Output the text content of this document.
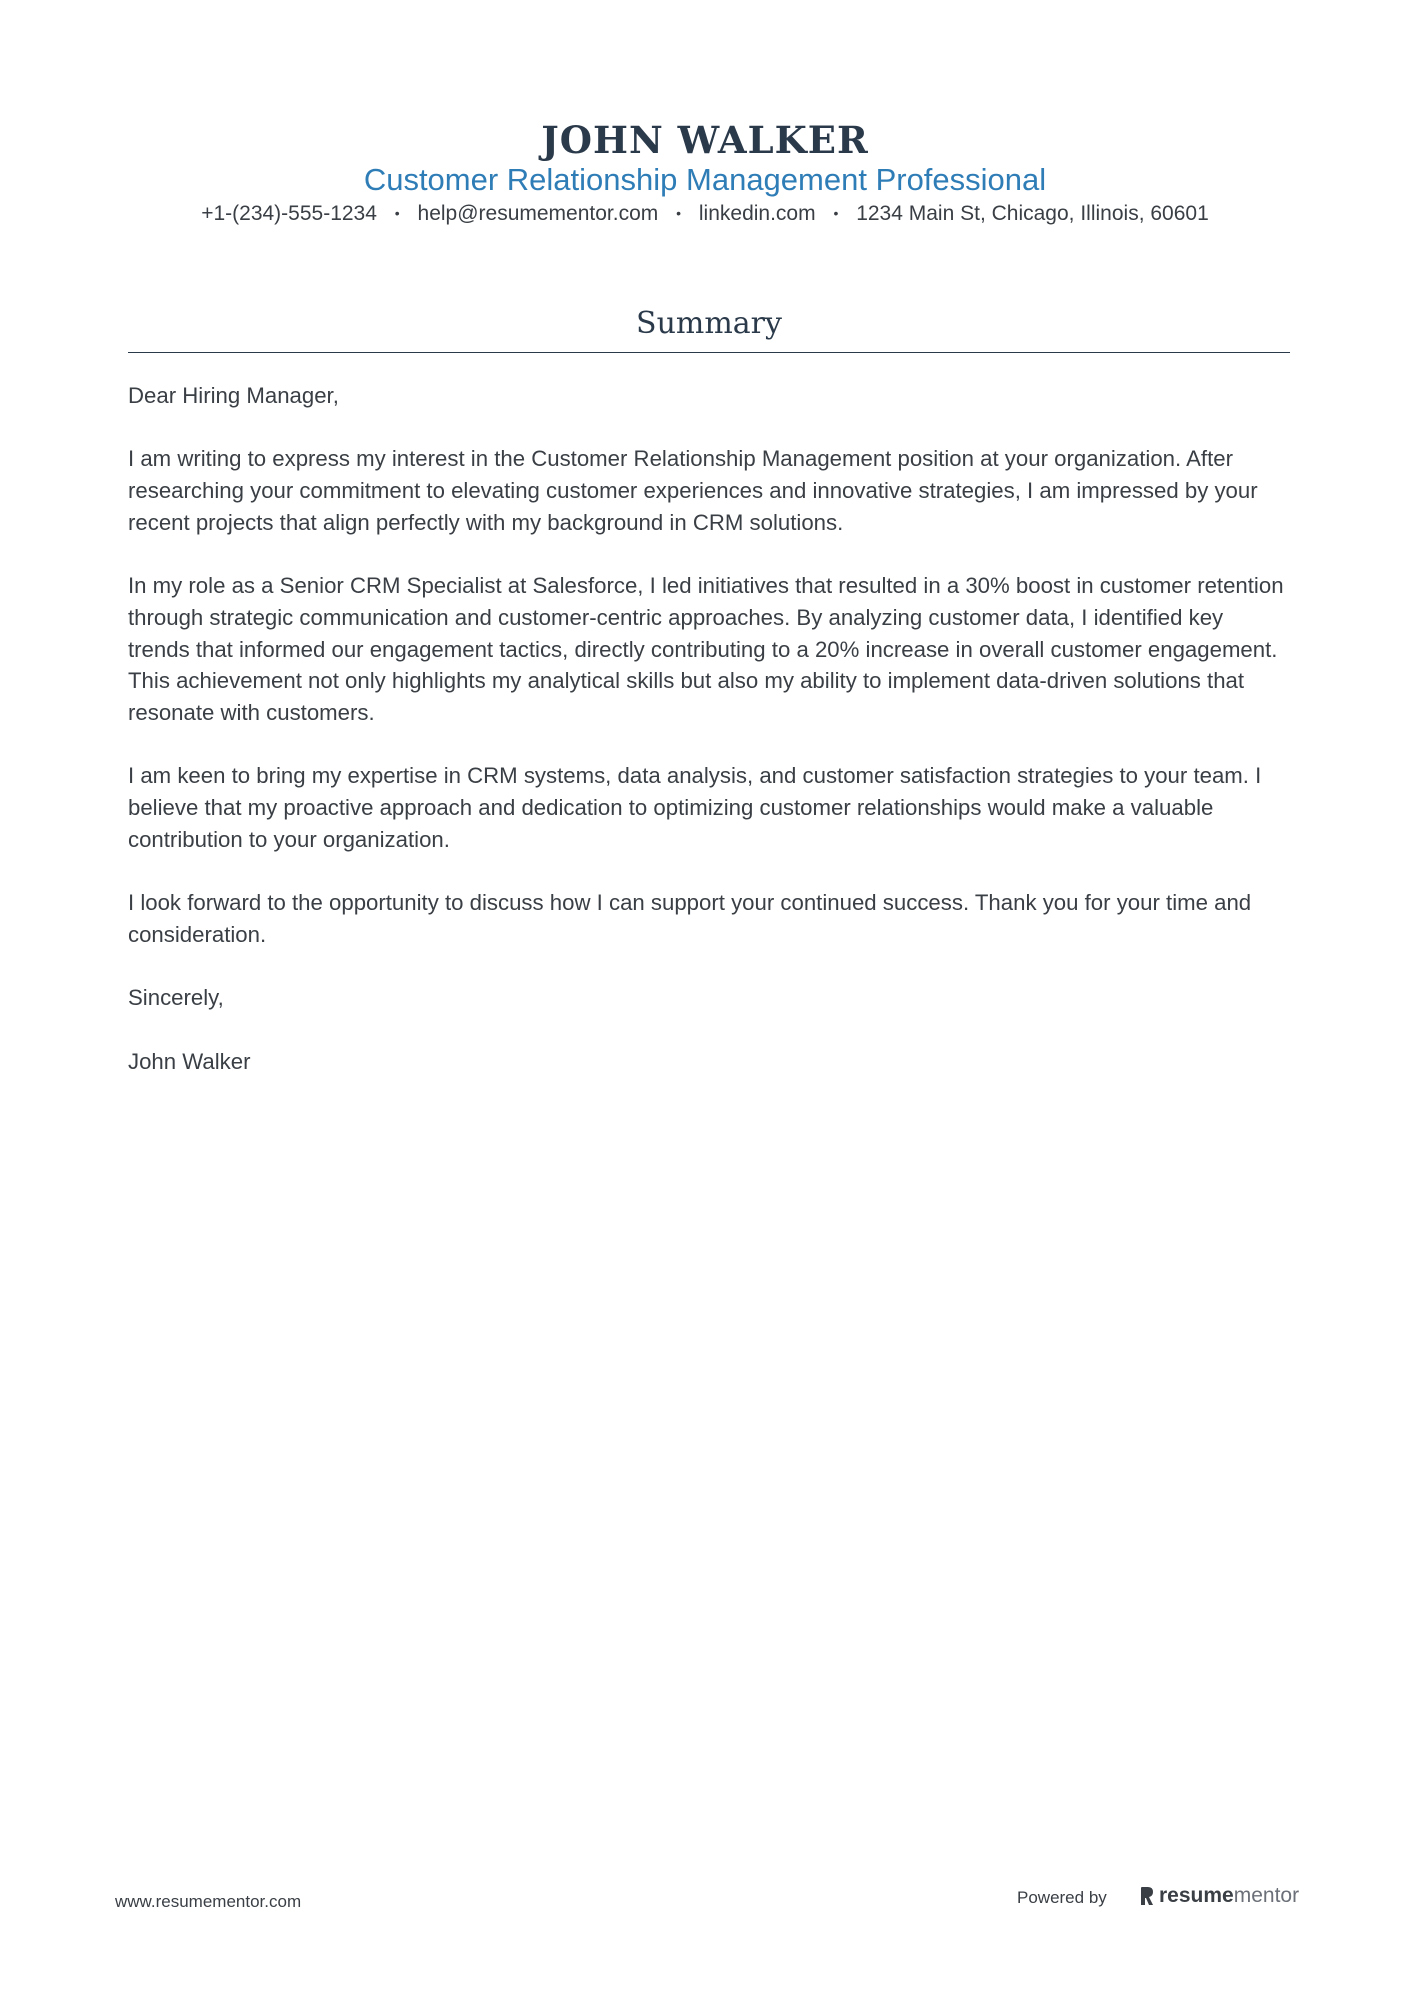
JOHN WALKER
Customer Relationship Management Professional
+1-(234)-555-1234 • help@resumementor.com • linkedin.com • 1234 Main St, Chicago, Illinois, 60601
Summary

Dear Hiring Manager,

I am writing to express my interest in the Customer Relationship Management position at your organization. After researching your commitment to elevating customer experiences and innovative strategies, I am impressed by your recent projects that align perfectly with my background in CRM solutions.

In my role as a Senior CRM Specialist at Salesforce, I led initiatives that resulted in a 30% boost in customer retention through strategic communication and customer-centric approaches. By analyzing customer data, I identified key trends that informed our engagement tactics, directly contributing to a 20% increase in overall customer engagement. This achievement not only highlights my analytical skills but also my ability to implement data-driven solutions that resonate with customers.

I am keen to bring my expertise in CRM systems, data analysis, and customer satisfaction strategies to your team. I believe that my proactive approach and dedication to optimizing customer relationships would make a valuable contribution to your organization.

I look forward to the opportunity to discuss how I can support your continued success. Thank you for your time and consideration.

Sincerely,

John Walker

www.resumementor.com	Powered by resume mentor
